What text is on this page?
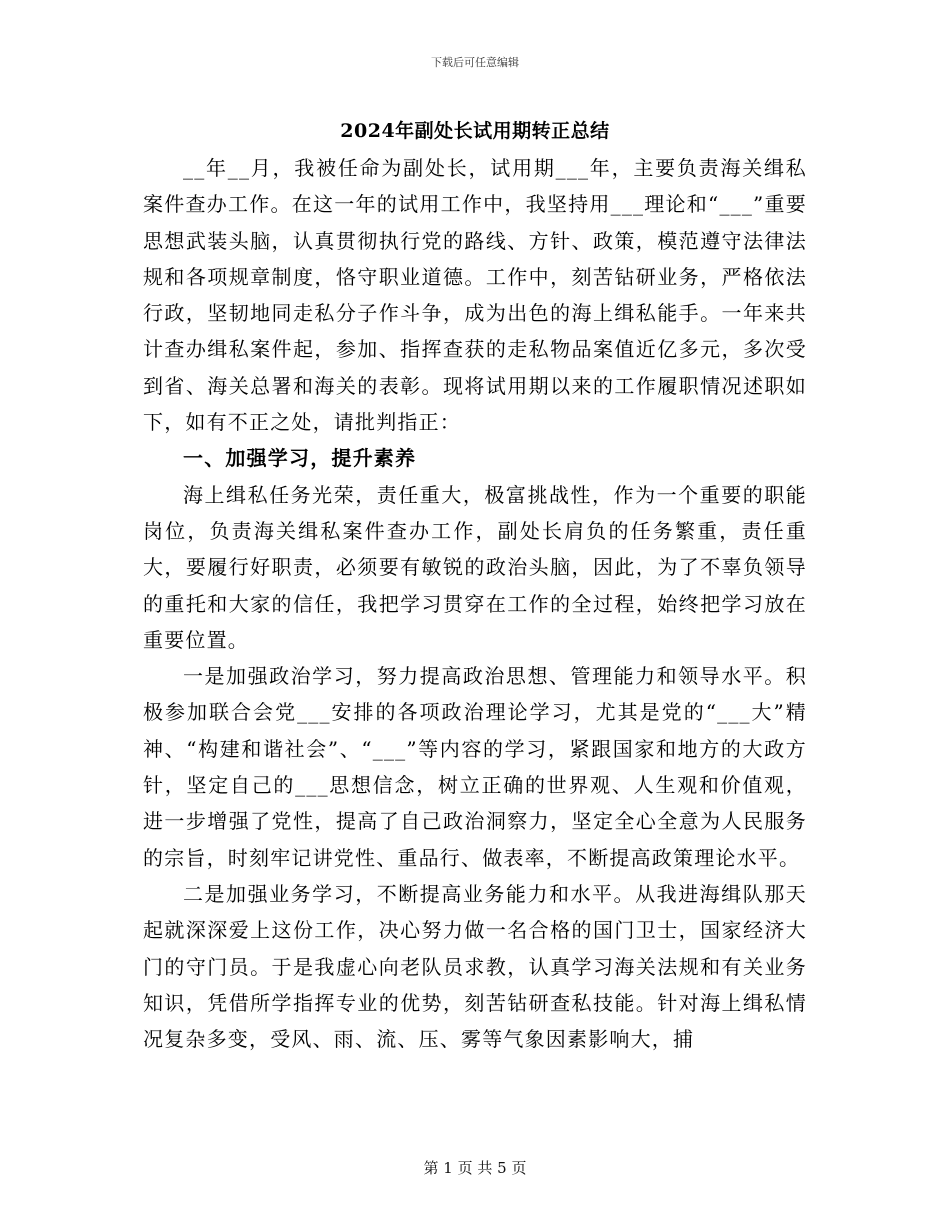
下载后可任意编辑
2024年副处长试用期转正总结

__年__月，我被任命为副处长，试用期___年，主要负责海关缉私案件查办工作。在这一年的试用工作中，我坚持用___理论和“___”重要思想武装头脑，认真贯彻执行党的路线、方针、政策，模范遵守法律法规和各项规章制度，恪守职业道德。工作中，刻苦钻研业务，严格依法行政，坚韧地同走私分子作斗争，成为出色的海上缉私能手。一年来共计查办缉私案件起，参加、指挥查获的走私物品案值近亿多元，多次受到省、海关总署和海关的表彰。现将试用期以来的工作履职情况述职如下，如有不正之处，请批判指正：

一、加强学习，提升素养

海上缉私任务光荣，责任重大，极富挑战性，作为一个重要的职能岗位，负责海关缉私案件查办工作，副处长肩负的任务繁重，责任重大，要履行好职责，必须要有敏锐的政治头脑，因此，为了不辜负领导的重托和大家的信任，我把学习贯穿在工作的全过程，始终把学习放在重要位置。

一是加强政治学习，努力提高政治思想、管理能力和领导水平。积极参加联合会党___安排的各项政治理论学习，尤其是党的“___大”精神、“构建和谐社会”、“___”等内容的学习，紧跟国家和地方的大政方针，坚定自己的___思想信念，树立正确的世界观、人生观和价值观，进一步增强了党性，提高了自己政治洞察力，坚定全心全意为人民服务的宗旨，时刻牢记讲党性、重品行、做表率，不断提高政策理论水平。

二是加强业务学习，不断提高业务能力和水平。从我进海缉队那天起就深深爱上这份工作，决心努力做一名合格的国门卫士，国家经济大门的守门员。于是我虚心向老队员求教，认真学习海关法规和有关业务知识，凭借所学指挥专业的优势，刻苦钻研查私技能。针对海上缉私情况复杂多变，受风、雨、流、压、雾等气象因素影响大，捕

第 1 页 共 5 页
